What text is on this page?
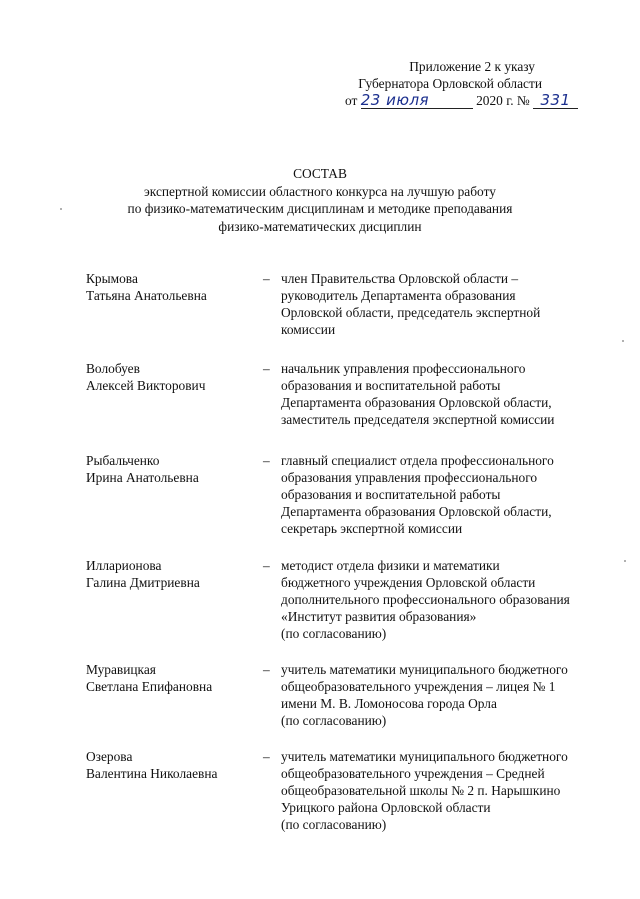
Приложение 2 к указу
Губернатора Орловской области
от 23 июля	2020 г. № 331
СОСТАВ
экспертной комиссии областного конкурса на лучшую работу
по физико-математическим дисциплинам и методике преподавания
физико-математических дисциплин
Крымова
Татьяна Анатольевна
– член Правительства Орловской области –
руководитель Департамента образования
Орловской области, председатель экспертной
комиссии
Волобуев
Алексей Викторович
– начальник управления профессионального
образования и воспитательной работы
Департамента образования Орловской области,
заместитель председателя экспертной комиссии
Рыбальченко
Ирина Анатольевна
– главный специалист отдела профессионального
образования управления профессионального
образования и воспитательной работы
Департамента образования Орловской области,
секретарь экспертной комиссии
Илларионова
Галина Дмитриевна
– методист отдела физики и математики
бюджетного учреждения Орловской области
дополнительного профессионального образования
«Институт развития образования»
(по согласованию)
Муравицкая
Светлана Епифановна
– учитель математики муниципального бюджетного
общеобразовательного учреждения – лицея № 1
имени М. В. Ломоносова города Орла
(по согласованию)
Озерова
Валентина Николаевна
– учитель математики муниципального бюджетного
общеобразовательного учреждения – Средней
общеобразовательной школы № 2 п. Нарышкино
Урицкого района Орловской области
(по согласованию)
